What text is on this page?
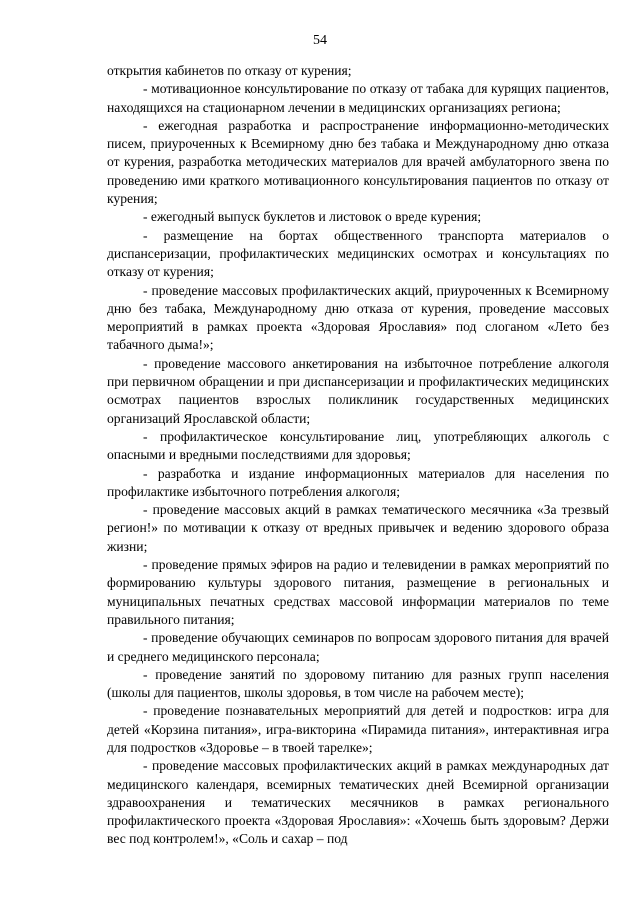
54

открытия кабинетов по отказу от курения;

- мотивационное консультирование по отказу от табака для курящих пациентов, находящихся на стационарном лечении в медицинских организациях региона;

- ежегодная разработка и распространение информационно-методических писем, приуроченных к Всемирному дню без табака и Международному дню отказа от курения, разработка методических материалов для врачей амбулаторного звена по проведению ими краткого мотивационного консультирования пациентов по отказу от курения;

- ежегодный выпуск буклетов и листовок о вреде курения;

- размещение на бортах общественного транспорта материалов о диспансеризации, профилактических медицинских осмотрах и консультациях по отказу от курения;

- проведение массовых профилактических акций, приуроченных к Всемирному дню без табака, Международному дню отказа от курения, проведение массовых мероприятий в рамках проекта «Здоровая Ярославия» под слоганом «Лето без табачного дыма!»;

- проведение массового анкетирования на избыточное потребление алкоголя при первичном обращении и при диспансеризации и профилактических медицинских осмотрах пациентов взрослых поликлиник государственных медицинских организаций Ярославской области;

- профилактическое консультирование лиц, употребляющих алкоголь с опасными и вредными последствиями для здоровья;

- разработка и издание информационных материалов для населения по профилактике избыточного потребления алкоголя;

- проведение массовых акций в рамках тематического месячника «За трезвый регион!» по мотивации к отказу от вредных привычек и ведению здорового образа жизни;

- проведение прямых эфиров на радио и телевидении в рамках мероприятий по формированию культуры здорового питания, размещение в региональных и муниципальных печатных средствах массовой информации материалов по теме правильного питания;

- проведение обучающих семинаров по вопросам здорового питания для врачей и среднего медицинского персонала;

- проведение занятий по здоровому питанию для разных групп населения (школы для пациентов, школы здоровья, в том числе на рабочем месте);

- проведение познавательных мероприятий для детей и подростков: игра для детей «Корзина питания», игра-викторина «Пирамида питания», интерактивная игра для подростков «Здоровье – в твоей тарелке»;

- проведение массовых профилактических акций в рамках международных дат медицинского календаря, всемирных тематических дней Всемирной организации здравоохранения и тематических месячников в рамках регионального профилактического проекта «Здоровая Ярославия»: «Хочешь быть здоровым? Держи вес под контролем!», «Соль и сахар – под
